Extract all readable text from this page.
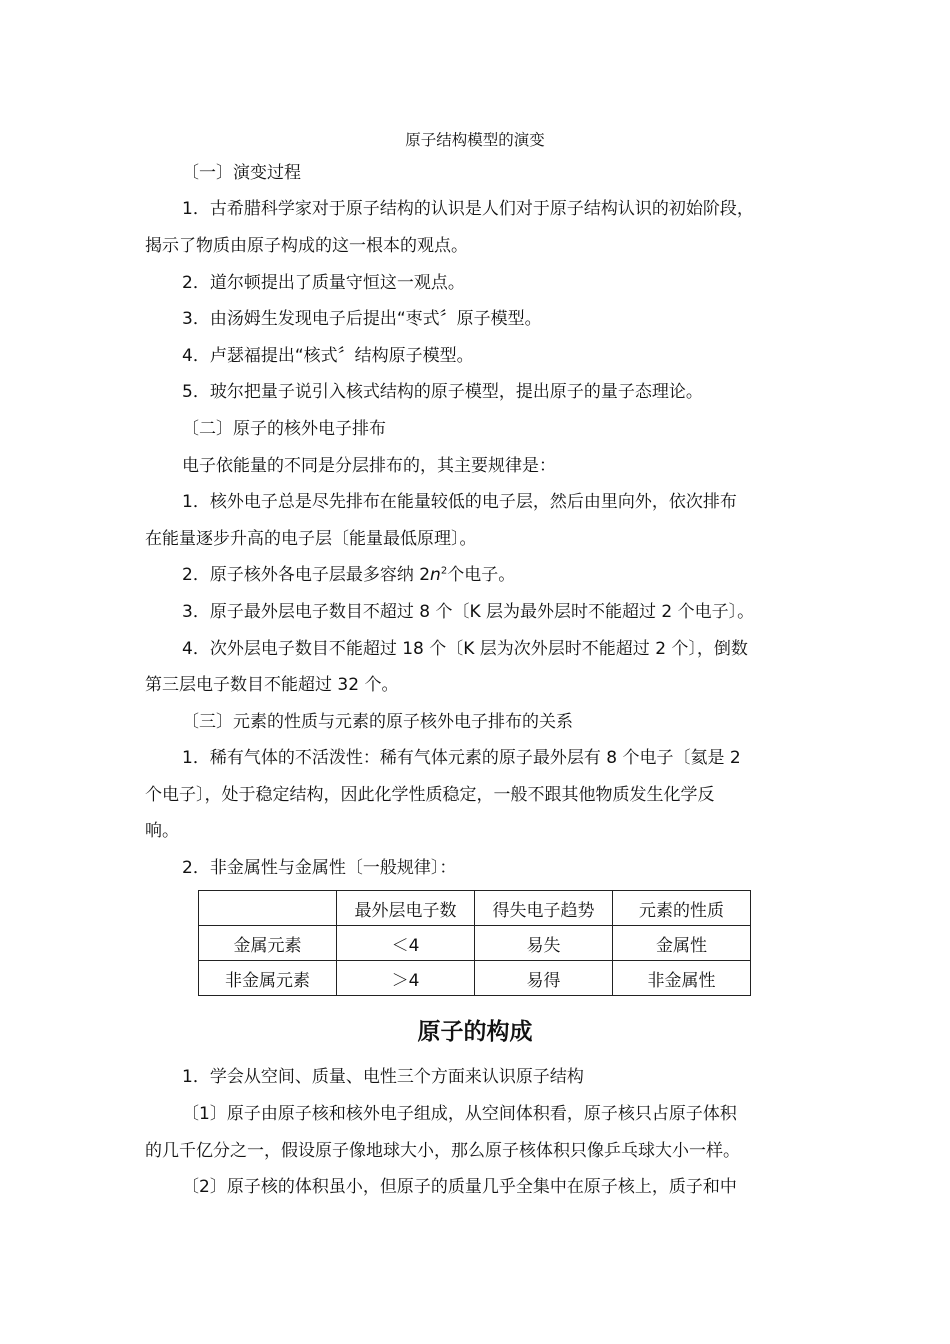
原子结构模型的演变
〔一〕演变过程
1．古希腊科学家对于原子结构的认识是人们对于原子结构认识的初始阶段，
揭示了物质由原子构成的这一根本的观点。
2．道尔顿提出了质量守恒这一观点。
3．由汤姆生发现电子后提出“枣式〞原子模型。
4．卢瑟福提出“核式〞结构原子模型。
5．玻尔把量子说引入核式结构的原子模型，提出原子的量子态理论。
〔二〕原子的核外电子排布
电子依能量的不同是分层排布的，其主要规律是：
1．核外电子总是尽先排布在能量较低的电子层，然后由里向外，依次排布
在能量逐步升高的电子层〔能量最低原理〕。
2．原子核外各电子层最多容纳 $2n^2$个电子。
3．原子最外层电子数目不超过 8 个〔K 层为最外层时不能超过 2 个电子〕。
4．次外层电子数目不能超过 18 个〔K 层为次外层时不能超过 2 个〕，倒数
第三层电子数目不能超过 32 个。
〔三〕元素的性质与元素的原子核外电子排布的关系
1．稀有气体的不活泼性：稀有气体元素的原子最外层有 8 个电子〔氦是 2
个电子〕，处于稳定结构，因此化学性质稳定，一般不跟其他物质发生化学反
响。
2．非金属性与金属性〔一般规律〕：
	最外层电子数	得失电子趋势	元素的性质
金属元素	＜4	易失	金属性
非金属元素	＞4	易得	非金属性
原子的构成
1．学会从空间、质量、电性三个方面来认识原子结构
〔1〕原子由原子核和核外电子组成，从空间体积看，原子核只占原子体积
的几千亿分之一，假设原子像地球大小，那么原子核体积只像乒乓球大小一样。
〔2〕原子核的体积虽小，但原子的质量几乎全集中在原子核上，质子和中
